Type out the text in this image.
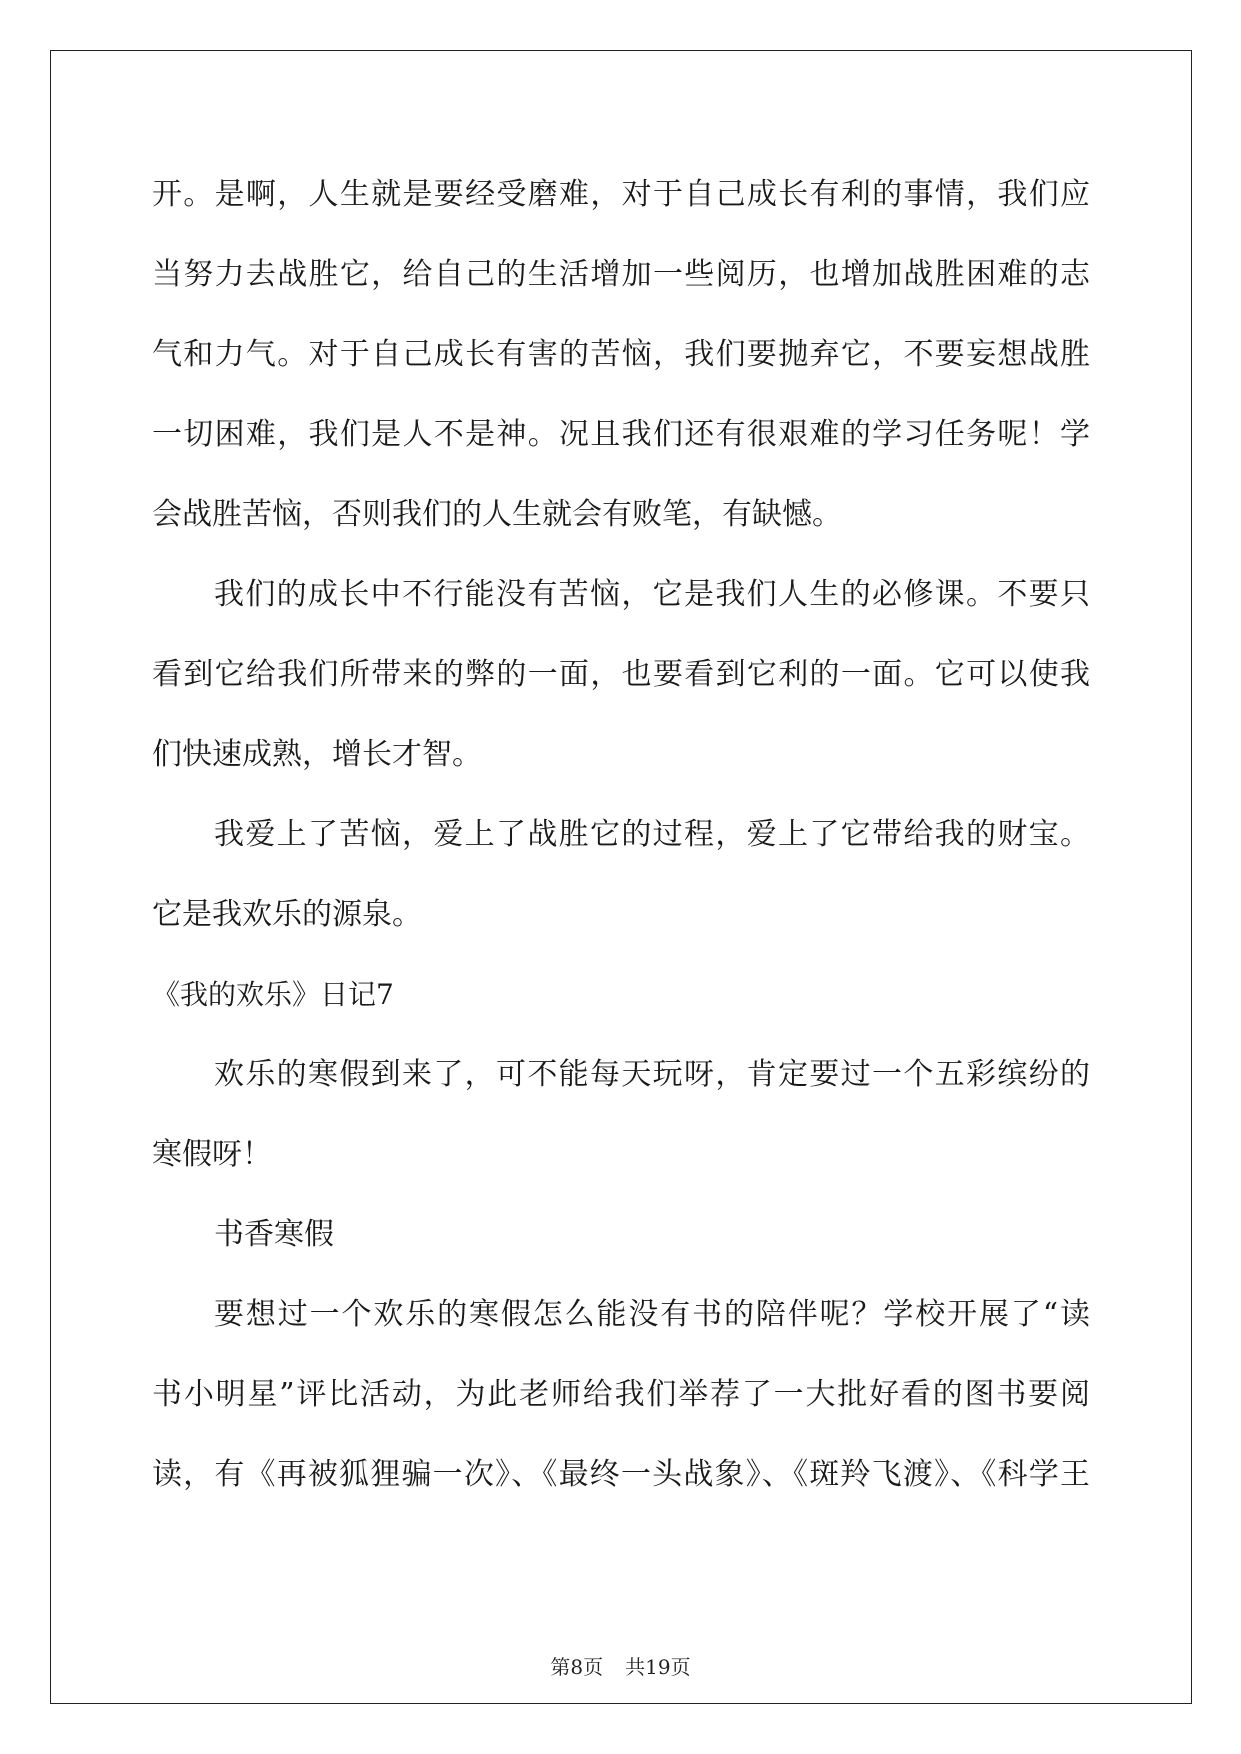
开。是啊，人生就是要经受磨难，对于自己成长有利的事情，我们应
当努力去战胜它，给自己的生活增加一些阅历，也增加战胜困难的志
气和力气。对于自己成长有害的苦恼，我们要抛弃它，不要妄想战胜
一切困难，我们是人不是神。况且我们还有很艰难的学习任务呢！学
会战胜苦恼，否则我们的人生就会有败笔，有缺憾。
我们的成长中不行能没有苦恼，它是我们人生的必修课。不要只
看到它给我们所带来的弊的一面，也要看到它利的一面。它可以使我
们快速成熟，增长才智。
我爱上了苦恼，爱上了战胜它的过程，爱上了它带给我的财宝。
它是我欢乐的源泉。
《我的欢乐》日记7
欢乐的寒假到来了，可不能每天玩呀，肯定要过一个五彩缤纷的
寒假呀！
书香寒假
要想过一个欢乐的寒假怎么能没有书的陪伴呢？学校开展了“读
书小明星”评比活动，为此老师给我们举荐了一大批好看的图书要阅
读，有《再被狐狸骗一次》、《最终一头战象》、《斑羚飞渡》、《科学王
第8页 共19页
